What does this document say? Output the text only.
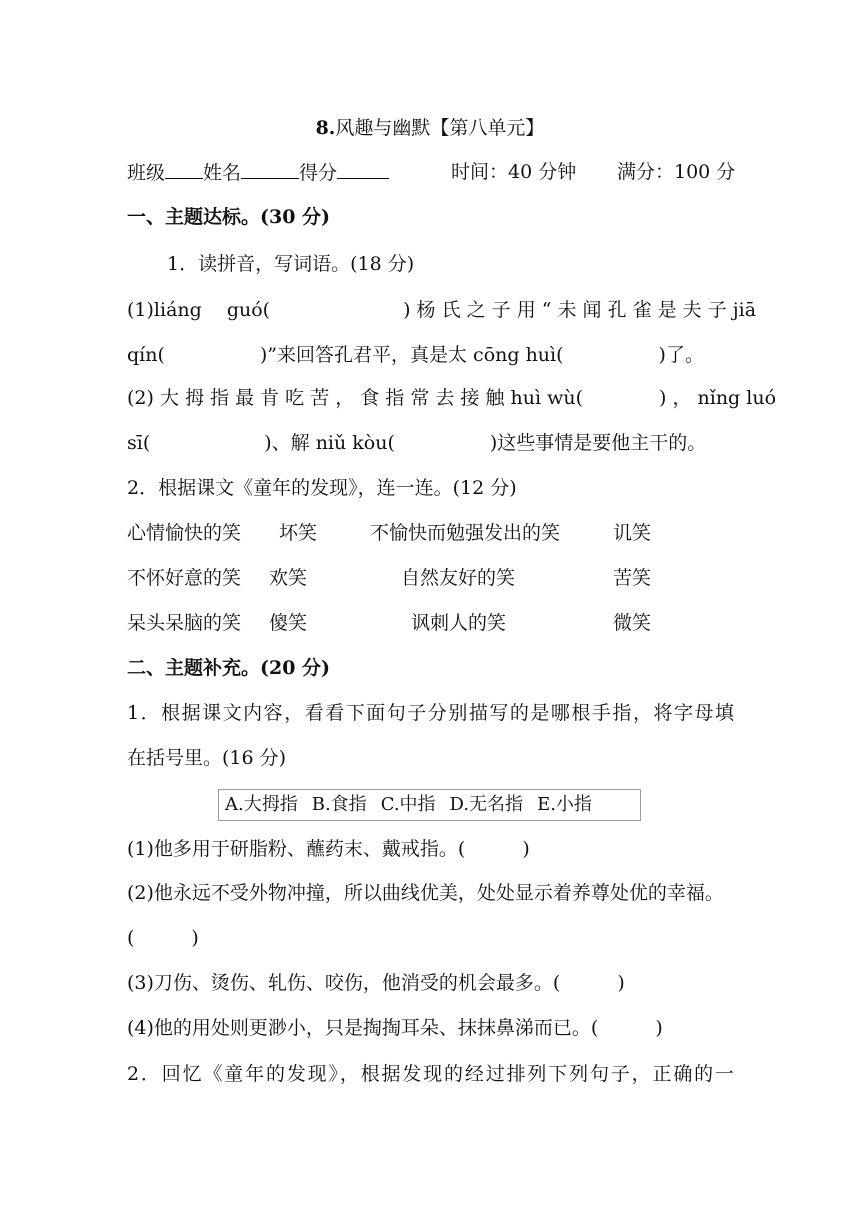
8.风趣与幽默【第八单元】
班级 姓名	得分	时间：40 分钟 满分：100 分
一、主题达标。(30 分)
1．读拼音，写词语。(18 分)
(1)liáng　 guó(　　　　　　　) 杨 氏 之 子 用 “ 未 闻 孔 雀 是 夫 子 jiā
qín(　　　　　)”来回答孔君平，真是太 cōng huì(　　　　　)了。
(2) 大 拇 指 最 肯 吃 苦 ， 食 指 常 去 接 触 huì wù(　　　　) ， nǐng luó
sī(　　　　　　)、解 niǔ kòu(　　　　　)这些事情是要他主干的。
2．根据课文《童年的发现》，连一连。(12 分)
心情愉快的笑 坏笑	不愉快而勉强发出的笑	讥笑
不怀好意的笑 欢笑	自然友好的笑	苦笑
呆头呆脑的笑 傻笑	讽刺人的笑	微笑
二、主题补充。(20 分)
1．根据课文内容，看看下面句子分别描写的是哪根手指，将字母填
在括号里。(16 分)
A.大拇指 B.食指 C.中指 D.无名指 E.小指
(1)他多用于研脂粉、蘸药末、戴戒指。(　　　)
(2)他永远不受外物冲撞，所以曲线优美，处处显示着养尊处优的幸福。
(　　　)
(3)刀伤、烫伤、轧伤、咬伤，他消受的机会最多。(　　　)
(4)他的用处则更渺小，只是掏掏耳朵、抹抹鼻涕而已。(　　　)
2．回忆《童年的发现》，根据发现的经过排列下列句子，正确的一
